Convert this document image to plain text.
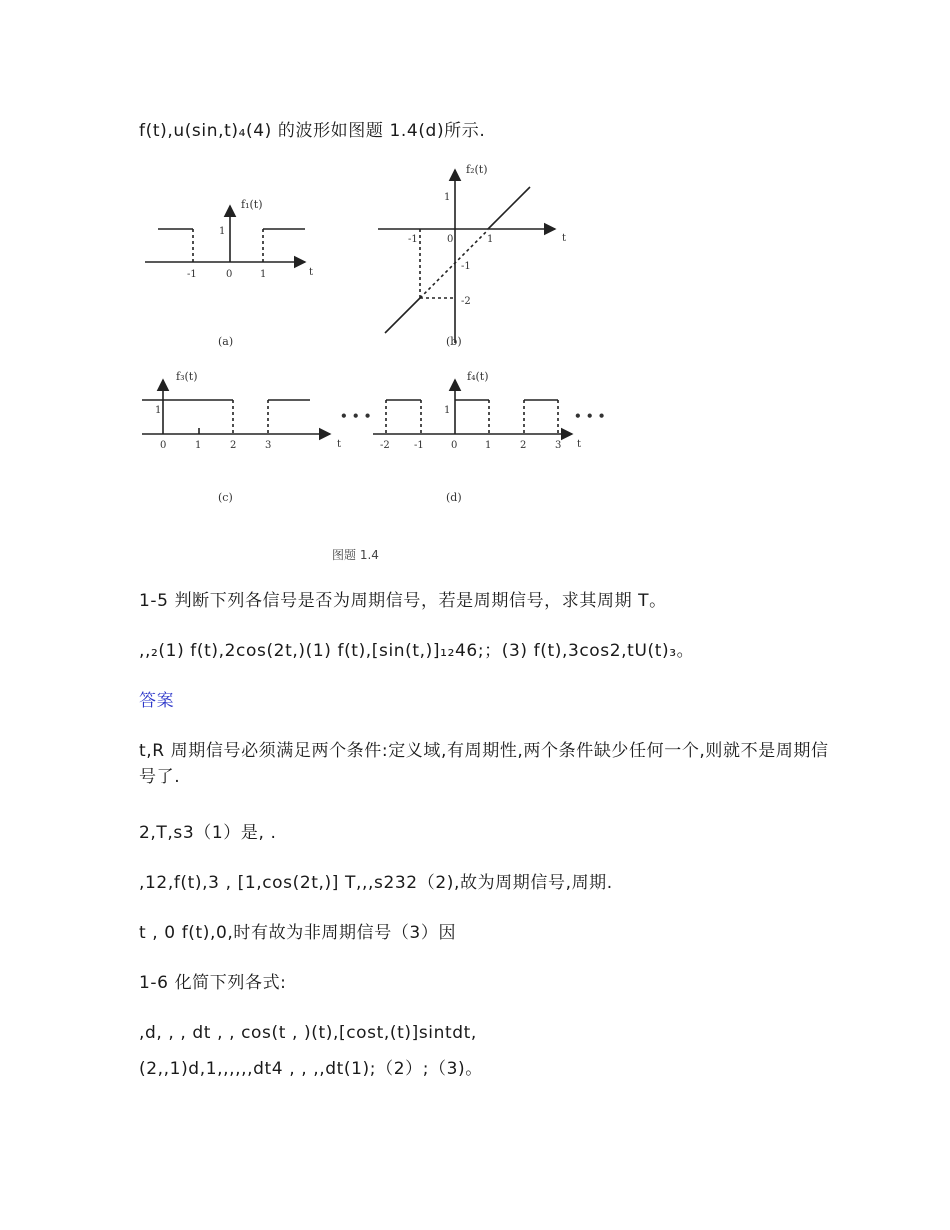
f(t),u(sin,t)₄(4) 的波形如图题 1.4(d)所示.
f₁(t)
1
-1	0	1	t
(a)
f₂(t)
1
-1
-2
-1	0	1	t
(b)
f₃(t)
1
0	1	2	3	t
• • •
(c)
f₄(t)
1
-2 -1	0	1	2	3 t
• • •
(d)
图题 1.4
1-5 判断下列各信号是否为周期信号，若是周期信号，求其周期 T。
,,₂(1) f(t),2cos(2t,)(1) f(t),[sin(t,)]₁₂46;；(3) f(t),3cos2,tU(t)₃。
答案
t,R 周期信号必须满足两个条件:定义域,有周期性,两个条件缺少任何一个,则就不是周期信号了.
2,T,s3（1）是, .
,12,f(t),3 , [1,cos(2t,)] T,,,s232（2),故为周期信号,周期.
t , 0 f(t),0,时有故为非周期信号（3）因
1-6 化简下列各式:
,d, , , dt , , cos(t , )(t),[cost,(t)]sintdt,
(2,,1)d,1,,,,,,dt4 , , ,,dt(1);（2）;（3)。
